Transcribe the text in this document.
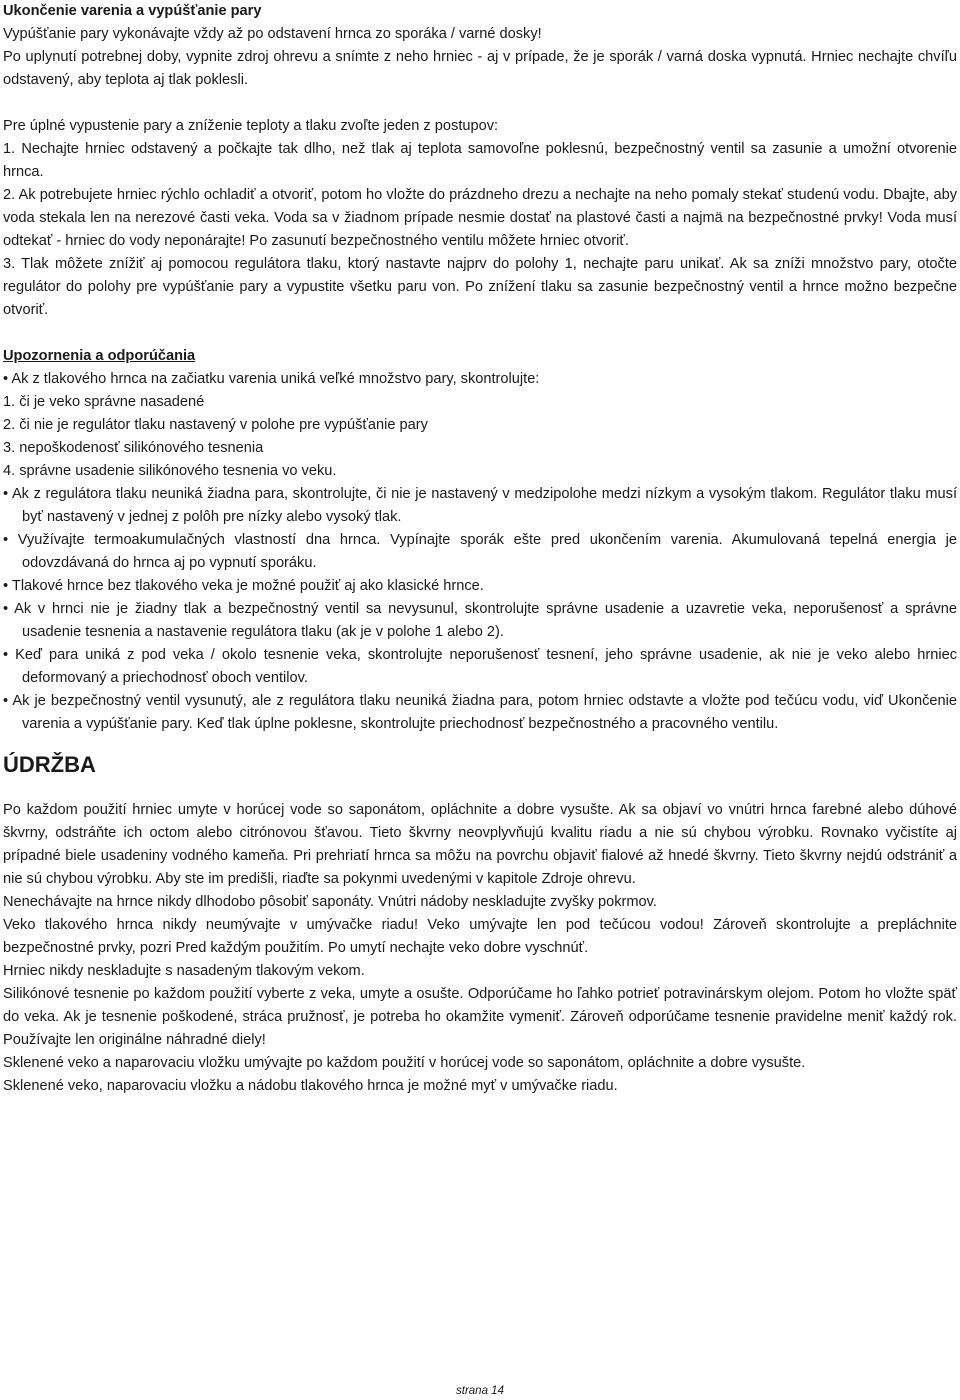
Ukončenie varenia a vypúšťanie pary

Vypúšťanie pary vykonávajte vždy až po odstavení hrnca zo sporáka / varné dosky!

Po uplynutí potrebnej doby, vypnite zdroj ohrevu a snímte z neho hrniec - aj v prípade, že je sporák / varná doska vypnutá. Hrniec nechajte chvíľu odstavený, aby teplota aj tlak poklesli.

Pre úplné vypustenie pary a zníženie teploty a tlaku zvoľte jeden z postupov:

1. Nechajte hrniec odstavený a počkajte tak dlho, než tlak aj teplota samovoľne poklesnú, bezpečnostný ventil sa zasunie a umožní otvorenie hrnca.

2. Ak potrebujete hrniec rýchlo ochladiť a otvoriť, potom ho vložte do prázdneho drezu a nechajte na neho pomaly stekať studenú vodu. Dbajte, aby voda stekala len na nerezové časti veka. Voda sa v žiadnom prípade nesmie dostať na plastové časti a najmä na bezpečnostné prvky! Voda musí odtekať - hrniec do vody neponárajte! Po zasunutí bezpečnostného ventilu môžete hrniec otvoriť.

3. Tlak môžete znížiť aj pomocou regulátora tlaku, ktorý nastavte najprv do polohy 1, nechajte paru unikať. Ak sa zníži množstvo pary, otočte regulátor do polohy pre vypúšťanie pary a vypustite všetku paru von. Po znížení tlaku sa zasunie bezpečnostný ventil a hrnce možno bezpečne otvoriť.

Upozornenia a odporúčania

• Ak z tlakového hrnca na začiatku varenia uniká veľké množstvo pary, skontrolujte:

1. či je veko správne nasadené

2. či nie je regulátor tlaku nastavený v polohe pre vypúšťanie pary

3. nepoškodenosť silikónového tesnenia

4. správne usadenie silikónového tesnenia vo veku.

• Ak z regulátora tlaku neuniká žiadna para, skontrolujte, či nie je nastavený v medzipolohe medzi nízkym a vysokým tlakom. Regulátor tlaku musí byť nastavený v jednej z polôh pre nízky alebo vysoký tlak.

• Využívajte termoakumulačných vlastností dna hrnca. Vypínajte sporák ešte pred ukončením varenia. Akumulovaná tepelná energia je odovzdávaná do hrnca aj po vypnutí sporáku.

• Tlakové hrnce bez tlakového veka je možné použiť aj ako klasické hrnce.

• Ak v hrnci nie je žiadny tlak a bezpečnostný ventil sa nevysunul, skontrolujte správne usadenie a uzavretie veka, neporušenosť a správne usadenie tesnenia a nastavenie regulátora tlaku (ak je v polohe 1 alebo 2).

• Keď para uniká z pod veka / okolo tesnenie veka, skontrolujte neporušenosť tesnení, jeho správne usadenie, ak nie je veko alebo hrniec deformovaný a priechodnosť oboch ventilov.

• Ak je bezpečnostný ventil vysunutý, ale z regulátora tlaku neuniká žiadna para, potom hrniec odstavte a vložte pod tečúcu vodu, viď Ukončenie varenia a vypúšťanie pary. Keď tlak úplne poklesne, skontrolujte priechodnosť bezpečnostného a pracovného ventilu.

ÚDRŽBA

Po každom použití hrniec umyte v horúcej vode so saponátom, opláchnite a dobre vysušte. Ak sa objaví vo vnútri hrnca farebné alebo dúhové škvrny, odstráňte ich octom alebo citrónovou šťavou. Tieto škvrny neovplyvňujú kvalitu riadu a nie sú chybou výrobku. Rovnako vyčistíte aj prípadné biele usadeniny vodného kameňa. Pri prehriatí hrnca sa môžu na povrchu objaviť fialové až hnedé škvrny. Tieto škvrny nejdú odstrániť a nie sú chybou výrobku. Aby ste im predišli, riaďte sa pokynmi uvedenými v kapitole Zdroje ohrevu.

Nenechávajte na hrnce nikdy dlhodobo pôsobiť saponáty. Vnútri nádoby neskladujte zvyšky pokrmov.

Veko tlakového hrnca nikdy neumývajte v umývačke riadu! Veko umývajte len pod tečúcou vodou! Zároveň skontrolujte a prepláchnite bezpečnostné prvky, pozri Pred každým použitím. Po umytí nechajte veko dobre vyschnúť.

Hrniec nikdy neskladujte s nasadeným tlakovým vekom.

Silikónové tesnenie po každom použití vyberte z veka, umyte a osušte. Odporúčame ho ľahko potrieť potravinárskym olejom. Potom ho vložte späť do veka. Ak je tesnenie poškodené, stráca pružnosť, je potreba ho okamžite vymeniť. Zároveň odporúčame tesnenie pravidelne meniť každý rok. Používajte len originálne náhradné diely!

Sklenené veko a naparovaciu vložku umývajte po každom použití v horúcej vode so saponátom, opláchnite a dobre vysušte.

Sklenené veko, naparovaciu vložku a nádobu tlakového hrnca je možné myť v umývačke riadu.

strana 14
